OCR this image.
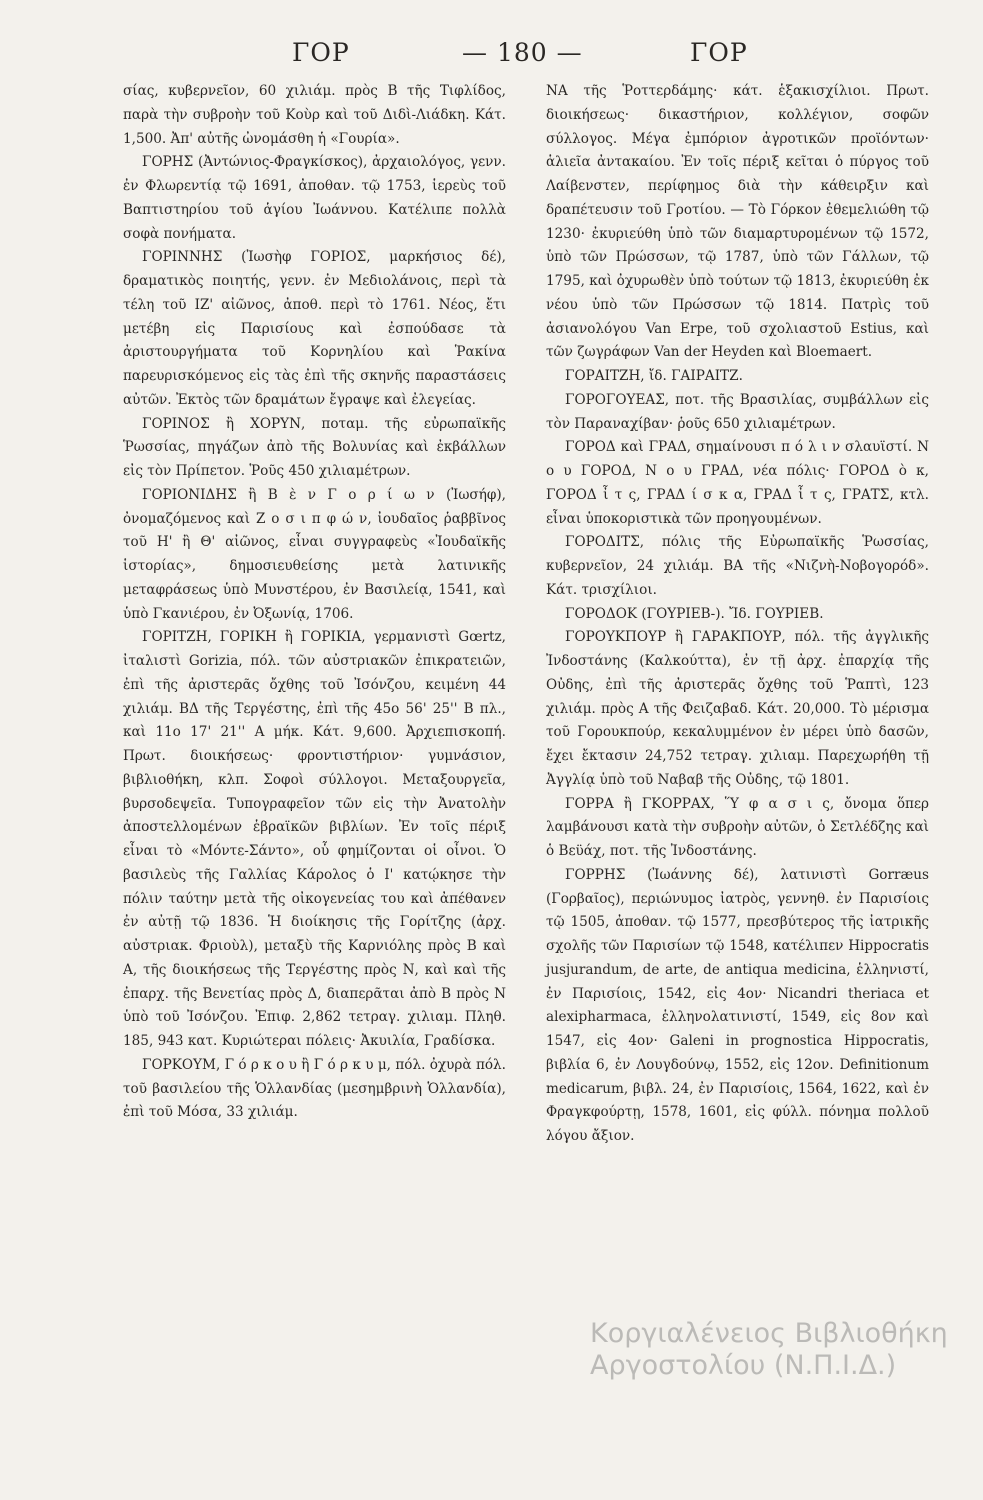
ΓΟΡ	— 180 —	ΓΟΡ

σίας, κυβερνεῖον, 60 χιλιάμ. πρὸς Β τῆς Τιφλίδος, παρὰ τὴν συβροὴν τοῦ Κοὺρ καὶ τοῦ Διδὶ-Λιάδκη. Κάτ. 1,500. Ἀπ' αὐτῆς ὠνομάσθη ἡ «Γουρία».

ΓΟΡΗΣ (Ἀντώνιος-Φραγκίσκος), ἀρχαιολόγος, γενν. ἐν Φλωρεντίᾳ τῷ 1691, ἀποθαν. τῷ 1753, ἱερεὺς τοῦ Βαπτιστηρίου τοῦ ἁγίου Ἰωάννου. Κατέλιπε πολλὰ σοφὰ πονήματα.

ΓΟΡΙΝΝΗΣ (Ἰωσὴφ ΓΟΡΙΟΣ, μαρκήσιος δέ), δραματικὸς ποιητής, γενν. ἐν Μεδιολάνοις, περὶ τὰ τέλη τοῦ ΙΖ' αἰῶνος, ἀποθ. περὶ τὸ 1761. Νέος, ἔτι μετέβη εἰς Παρισίους καὶ ἐσπούδασε τὰ ἀριστουργήματα τοῦ Κορνηλίου καὶ Ῥακίνα παρευρισκόμενος εἰς τὰς ἐπὶ τῆς σκηνῆς παραστάσεις αὐτῶν. Ἐκτὸς τῶν δραμάτων ἔγραψε καὶ ἐλεγείας.

ΓΟΡΙΝΟΣ ἢ ΧΟΡΥΝ, ποταμ. τῆς εὐρωπαϊκῆς Ῥωσσίας, πηγάζων ἀπὸ τῆς Βολυνίας καὶ ἐκβάλλων εἰς τὸν Πρίπετον. Ῥοῦς 450 χιλιαμέτρων.

ΓΟΡΙΟΝΙΔΗΣ ἢ Β ὲ ν Γ ο ρ ί ω ν (Ἰωσήφ), ὀνομαζόμενος καὶ Ζ ο σ ι π φ ώ ν, ἰουδαῖος ῥαββῖνος τοῦ Η' ἢ Θ' αἰῶνος, εἶναι συγγραφεὺς «Ἰουδαϊκῆς ἱστορίας», δημοσιευθείσης μετὰ λατινικῆς μεταφράσεως ὑπὸ Μυνστέρου, ἐν Βασιλείᾳ, 1541, καὶ ὑπὸ Γκανιέρου, ἐν Ὀξωνίᾳ, 1706.

ΓΟΡΙΤΖΗ, ΓΟΡΙΚΗ ἢ ΓΟΡΙΚΙΑ, γερμανιστὶ Gœrtz, ἰταλιστὶ Gorizia, πόλ. τῶν αὐστριακῶν ἐπικρατειῶν, ἐπὶ τῆς ἀριστερᾶς ὄχθης τοῦ Ἰσόνζου, κειμένη 44 χιλιάμ. ΒΔ τῆς Τεργέστης, ἐπὶ τῆς 45ο 56' 25'' Β πλ., καὶ 11ο 17' 21'' Α μήκ. Κάτ. 9,600. Ἀρχιεπισκοπή. Πρωτ. διοικήσεως· φροντιστήριον· γυμνάσιον, βιβλιοθήκη, κλπ. Σοφοὶ σύλλογοι. Μεταξουργεῖα, βυρσοδεψεῖα. Τυπογραφεῖον τῶν εἰς τὴν Ἀνατολὴν ἀποστελλομένων ἑβραϊκῶν βιβλίων. Ἐν τοῖς πέριξ εἶναι τὸ «Μόντε-Σάντο», οὗ φημίζονται οἱ οἶνοι. Ὁ βασιλεὺς τῆς Γαλλίας Κάρολος ὁ Ι' κατῴκησε τὴν πόλιν ταύτην μετὰ τῆς οἰκογενείας του καὶ ἀπέθανεν ἐν αὐτῇ τῷ 1836. Ἡ διοίκησις τῆς Γορίτζης (ἀρχ. αὐστριακ. Φριοὺλ), μεταξὺ τῆς Καρνιόλης πρὸς Β καὶ Α, τῆς διοικήσεως τῆς Τεργέστης πρὸς Ν, καὶ καὶ τῆς ἐπαρχ. τῆς Βενετίας πρὸς Δ, διαπερᾶται ἀπὸ Β πρὸς Ν ὑπὸ τοῦ Ἰσόνζου. Ἐπιφ. 2,862 τετραγ. χιλιαμ. Πληθ. 185, 943 κατ. Κυριώτεραι πόλεις· Ἀκυιλία, Γραδίσκα.

ΓΟΡΚΟΥΜ, Γ ό ρ κ ο υ ἢ Γ ό ρ κ υ μ, πόλ. ὀχυρὰ πόλ. τοῦ βασιλείου τῆς Ὁλλανδίας (μεσημβρινὴ Ὁλλανδία), ἐπὶ τοῦ Μόσα, 33 χιλιάμ.

ΝΑ τῆς Ῥοττερδάμης· κάτ. ἑξακισχίλιοι. Πρωτ. διοικήσεως· δικαστήριον, κολλέγιον, σοφῶν σύλλογος. Μέγα ἐμπόριον ἀγροτικῶν προϊόντων· ἁλιεῖα ἀντακαίου. Ἐν τοῖς πέριξ κεῖται ὁ πύργος τοῦ Λαίβενστεν, περίφημος διὰ τὴν κάθειρξιν καὶ δραπέτευσιν τοῦ Γροτίου. — Τὸ Γόρκον ἐθεμελιώθη τῷ 1230· ἐκυριεύθη ὑπὸ τῶν διαμαρτυρομένων τῷ 1572, ὑπὸ τῶν Πρώσσων, τῷ 1787, ὑπὸ τῶν Γάλλων, τῷ 1795, καὶ ὀχυρωθὲν ὑπὸ τούτων τῷ 1813, ἐκυριεύθη ἐκ νέου ὑπὸ τῶν Πρώσσων τῷ 1814. Πατρὶς τοῦ ἀσιανολόγου Van Erpe, τοῦ σχολιαστοῦ Estius, καὶ τῶν ζωγράφων Van der Heyden καὶ Bloemaert.

ΓΟΡΑΙΤΖΗ, ἴδ. ΓΑΙΡΑΙΤΖ.

ΓΟΡΟΓΟΥΕΑΣ, ποτ. τῆς Βρασιλίας, συμβάλλων εἰς τὸν Παραναχίβαν· ῥοῦς 650 χιλιαμέτρων.

ΓΟΡΟΔ καὶ ΓΡΑΔ, σημαίνουσι π ό λ ι ν σλαυϊστί. Ν ο υ ΓΟΡΟΔ, Ν ο υ ΓΡΑΔ, νέα πόλις· ΓΟΡΟΔ ὸ κ, ΓΟΡΟΔ ἶ τ ς, ΓΡΑΔ ί σ κ α, ΓΡΑΔ ἶ τ ς, ΓΡΑΤΣ, κτλ. εἶναι ὑποκοριστικὰ τῶν προηγουμένων.

ΓΟΡΟΔΙΤΣ, πόλις τῆς Εὐρωπαϊκῆς Ῥωσσίας, κυβερνεῖον, 24 χιλιάμ. ΒΑ τῆς «Νιζνὴ-Νοβογορόδ». Κάτ. τρισχίλιοι.

ΓΟΡΟΔΟΚ (ΓΟΥΡΙΕΒ-). Ἴδ. ΓΟΥΡΙΕΒ.

ΓΟΡΟΥΚΠΟΥΡ ἢ ΓΑΡΑΚΠΟΥΡ, πόλ. τῆς ἀγγλικῆς Ἰνδοστάνης (Καλκούττα), ἐν τῇ ἀρχ. ἐπαρχίᾳ τῆς Οὐδης, ἐπὶ τῆς ἀριστερᾶς ὄχθης τοῦ Ῥαπτὶ, 123 χιλιάμ. πρὸς Α τῆς Φειζαβαδ. Κάτ. 20,000. Τὸ μέρισμα τοῦ Γορουκπούρ, κεκαλυμμένον ἐν μέρει ὑπὸ δασῶν, ἔχει ἔκτασιν 24,752 τετραγ. χιλιαμ. Παρεχωρήθη τῇ Ἀγγλίᾳ ὑπὸ τοῦ Ναβαβ τῆς Οὐδης, τῷ 1801.

ΓΟΡΡΑ ἢ ΓΚΟΡΡΑΧ, Ὕ φ α σ ι ς, ὄνομα ὅπερ λαμβάνουσι κατὰ τὴν συβροὴν αὐτῶν, ὁ Σετλέδζης καὶ ὁ Βεϋάχ, ποτ. τῆς Ἰνδοστάνης.

ΓΟΡΡΗΣ (Ἰωάννης δέ), λατινιστὶ Gorræus (Γορβαῖος), περιώνυμος ἰατρὸς, γεννηθ. ἐν Παρισίοις τῷ 1505, ἀποθαν. τῷ 1577, πρεσβύτερος τῆς ἰατρικῆς σχολῆς τῶν Παρισίων τῷ 1548, κατέλιπεν Hippocratis jusjurandum, de arte, de antiqua medicina, ἑλληνιστί, ἐν Παρισίοις, 1542, εἰς 4ον· Nicandri theriaca et alexipharmaca, ἑλληνολατινιστί, 1549, εἰς 8ον καὶ 1547, εἰς 4ον· Galeni in prognostica Hippocratis, βιβλία 6, ἐν Λουγδούνῳ, 1552, εἰς 12ον. Definitionum medicarum, βιβλ. 24, ἐν Παρισίοις, 1564, 1622, καὶ ἐν Φραγκφούρτῃ, 1578, 1601, εἰς φύλλ. πόνημα πολλοῦ λόγου ἄξιον.

Κοργιαλένειος Βιβλιοθήκη
Αργοστολίου (Ν.Π.Ι.Δ.)
